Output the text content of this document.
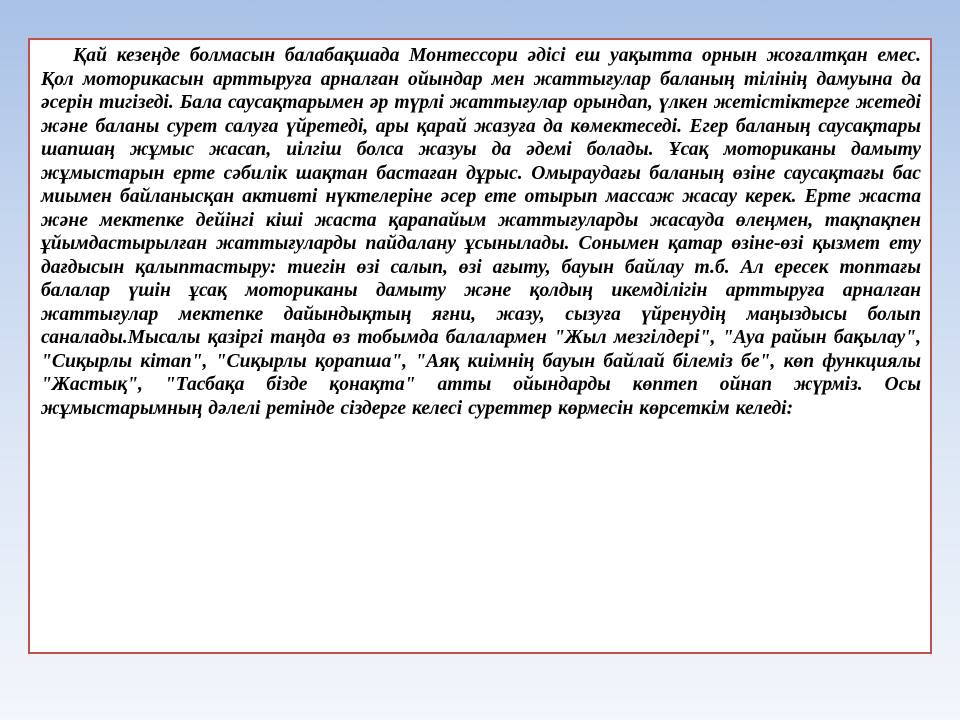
Қай кезеңде болмасын балабақшада Монтессори әдісі еш уақытта орнын жоғалтқан емес. Қол моторикасын арттыруға арналған ойындар мен жаттығулар баланың тілінің дамуына да әсерін тигізеді. Бала саусақтарымен әр түрлі жаттығулар орындап, үлкен жетістіктерге жетеді және баланы сурет салуға үйретеді, ары қарай жазуға да көмектеседі. Егер баланың саусақтары шапшаң жұмыс жасап, иілгіш болса жазуы да әдемі болады. Ұсақ моториканы дамыту жұмыстарын ерте сәбилік шақтан бастаған дұрыс. Омыраудағы баланың өзіне саусақтағы бас миымен байланысқан активті нүктелеріне әсер ете отырып массаж жасау керек. Ерте жаста және мектепке дейінгі кіші жаста қарапайым жаттығуларды жасауда өлеңмен, тақпақпен ұйымдастырылған жаттығуларды пайдалану ұсынылады. Сонымен қатар өзіне-өзі қызмет ету дағдысын қалыптастыру: тиегін өзі салып, өзі ағыту, бауын байлау т.б. Ал ересек топтағы балалар үшін ұсақ моториканы дамыту және қолдың икемділігін арттыруға арналған жаттығулар мектепке дайындықтың яғни, жазу, сызуға үйренудің маңыздысы болып саналады.Мысалы қазіргі таңда өз тобымда балалармен "Жыл мезгілдері", "Ауа райын бақылау", "Сиқырлы кітап", "Сиқырлы қорапша", "Аяқ киімнің бауын байлай білеміз бе", көп функциялы "Жастық", "Тасбақа бізде қонақта" атты ойындарды көптеп ойнап жүрміз. Осы жұмыстарымның дәлелі ретінде сіздерге келесі суреттер көрмесін көрсеткім келеді:
